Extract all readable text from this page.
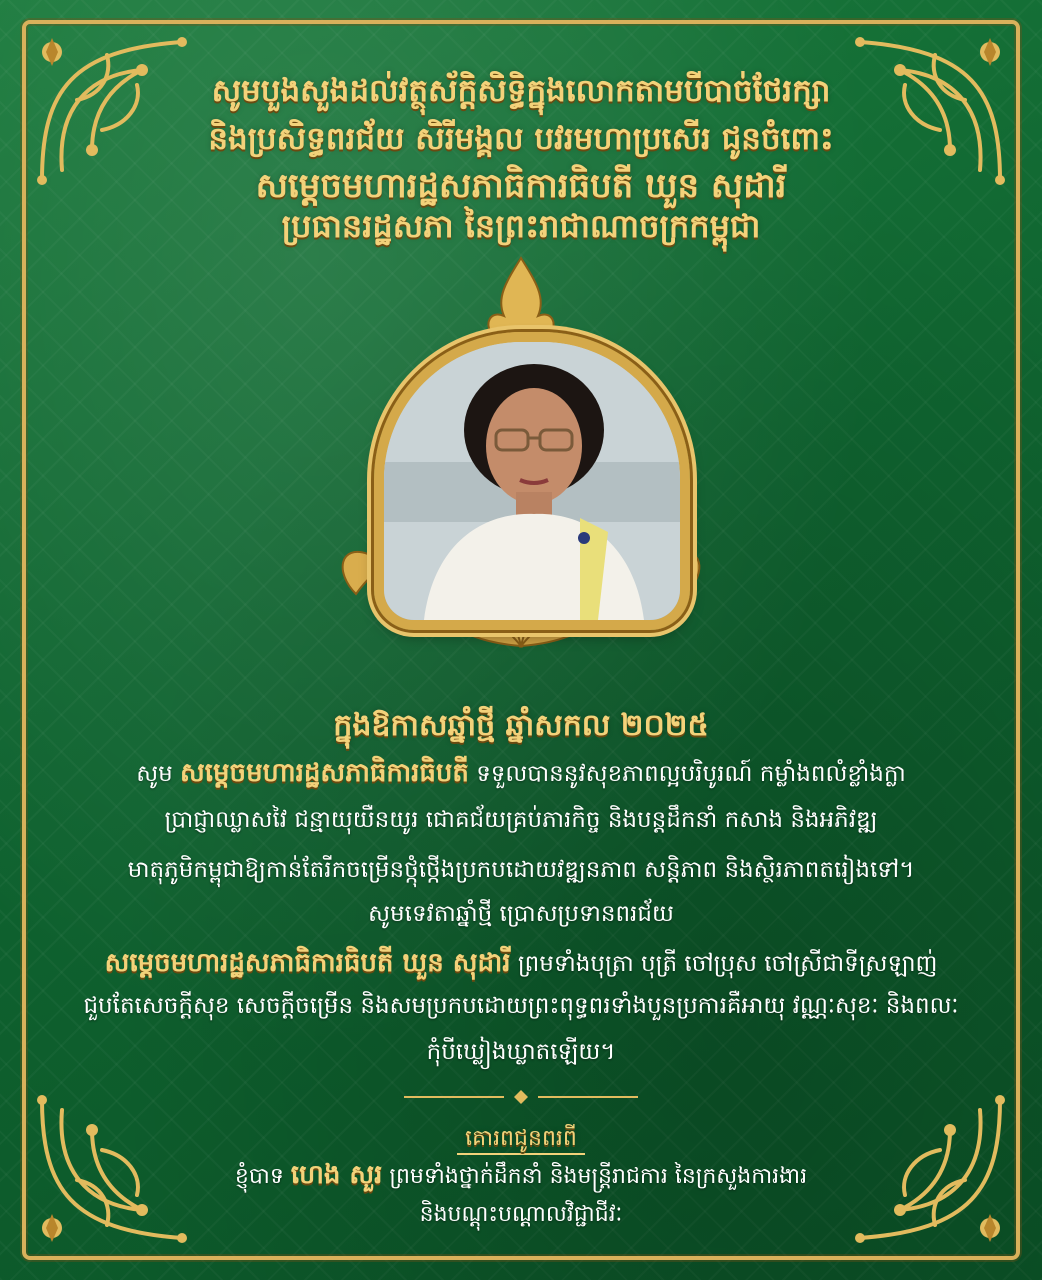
សូមបួងសួងដល់វត្ថុស័ក្តិសិទ្ធិក្នុងលោកតាមបីបាច់ថែរក្សា
និងប្រសិទ្ធពរជ័យ សិរីមង្គល បវរមហាប្រសើរ ជូនចំពោះ
សម្តេចមហារដ្ឋសភាធិការធិបតី ឃួន សុដារី
ប្រធានរដ្ឋសភា នៃព្រះរាជាណាចក្រកម្ពុជា
ក្នុងឱកាសឆ្នាំថ្មី ឆ្នាំសកល ២០២៥
សូម សម្តេចមហារដ្ឋសភាធិការធិបតី ទទួលបាននូវសុខភាពល្អបរិបូរណ៍ កម្លាំងពលំខ្លាំងក្លា
ប្រាជ្ញាឈ្លាសវៃ ជន្មាយុយឺនយូរ ជោគជ័យគ្រប់ភារកិច្ច និងបន្តដឹកនាំ កសាង និងអភិវឌ្ឍ
មាតុភូមិកម្ពុជាឱ្យកាន់តែរីកចម្រើនថ្កុំថ្កើងប្រកបដោយវឌ្ឍនភាព សន្តិភាព និងស្ថិរភាពតរៀងទៅ។
សូមទេវតាឆ្នាំថ្មី ប្រោសប្រទានពរជ័យ
សម្តេចមហារដ្ឋសភាធិការធិបតី ឃួន សុដារី ព្រមទាំងបុត្រា បុត្រី ចៅប្រុស ចៅស្រីជាទីស្រឡាញ់
ជួបតែសេចក្តីសុខ សេចក្តីចម្រើន និងសមប្រកបដោយព្រះពុទ្ធពរទាំងបួនប្រការគឺអាយុ វណ្ណៈសុខៈ និងពលៈ
កុំបីឃ្លៀងឃ្លាតឡើយ។
គោរពជូនពរពី
ខ្ញុំបាទ ហេង សួរ ព្រមទាំងថ្នាក់ដឹកនាំ និងមន្ត្រីរាជការ នៃក្រសួងការងារ
និងបណ្តុះបណ្តាលវិជ្ជាជីវៈ
